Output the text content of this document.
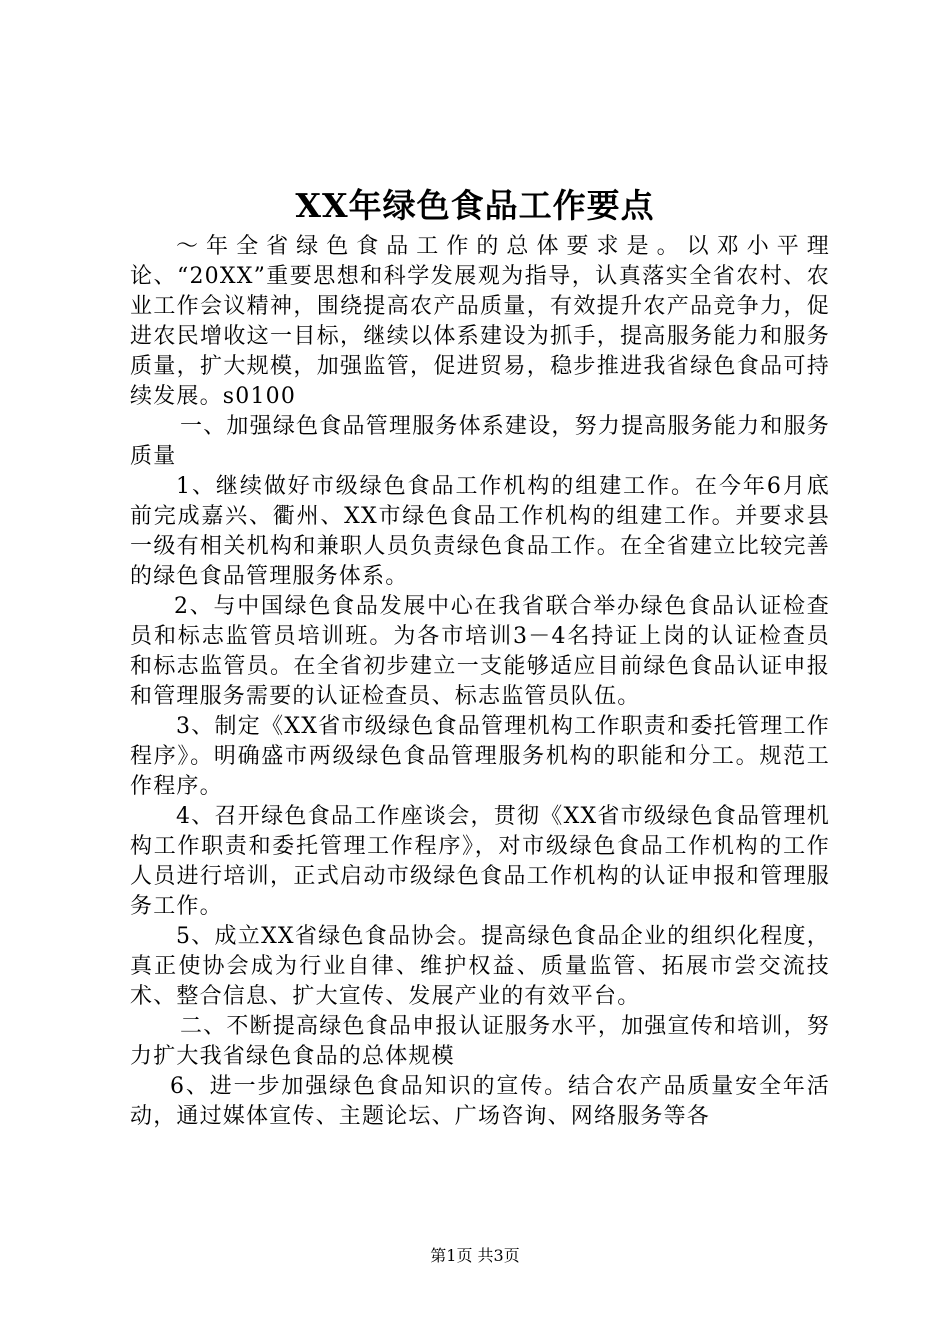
XX年绿色食品工作要点

～年全省绿色食品工作的总体要求是。以邓小平理论、“20XX”重要思想和科学发展观为指导，认真落实全省农村、农业工作会议精神，围绕提高农产品质量，有效提升农产品竞争力，促进农民增收这一目标，继续以体系建设为抓手，提高服务能力和服务质量，扩大规模，加强监管，促进贸易，稳步推进我省绿色食品可持续发展。s0100

一、加强绿色食品管理服务体系建设，努力提高服务能力和服务质量

1、继续做好市级绿色食品工作机构的组建工作。在今年6月底前完成嘉兴、衢州、XX市绿色食品工作机构的组建工作。并要求县一级有相关机构和兼职人员负责绿色食品工作。在全省建立比较完善的绿色食品管理服务体系。

2、与中国绿色食品发展中心在我省联合举办绿色食品认证检查员和标志监管员培训班。为各市培训3－4名持证上岗的认证检查员和标志监管员。在全省初步建立一支能够适应目前绿色食品认证申报和管理服务需要的认证检查员、标志监管员队伍。

3、制定《XX省市级绿色食品管理机构工作职责和委托管理工作程序》。明确盛市两级绿色食品管理服务机构的职能和分工。规范工作程序。

4、召开绿色食品工作座谈会，贯彻《XX省市级绿色食品管理机构工作职责和委托管理工作程序》，对市级绿色食品工作机构的工作人员进行培训，正式启动市级绿色食品工作机构的认证申报和管理服务工作。

5、成立XX省绿色食品协会。提高绿色食品企业的组织化程度，真正使协会成为行业自律、维护权益、质量监管、拓展市尝交流技术、整合信息、扩大宣传、发展产业的有效平台。

二、不断提高绿色食品申报认证服务水平，加强宣传和培训，努力扩大我省绿色食品的总体规模

6、进一步加强绿色食品知识的宣传。结合农产品质量安全年活动，通过媒体宣传、主题论坛、广场咨询、网络服务等各

第1页 共3页
